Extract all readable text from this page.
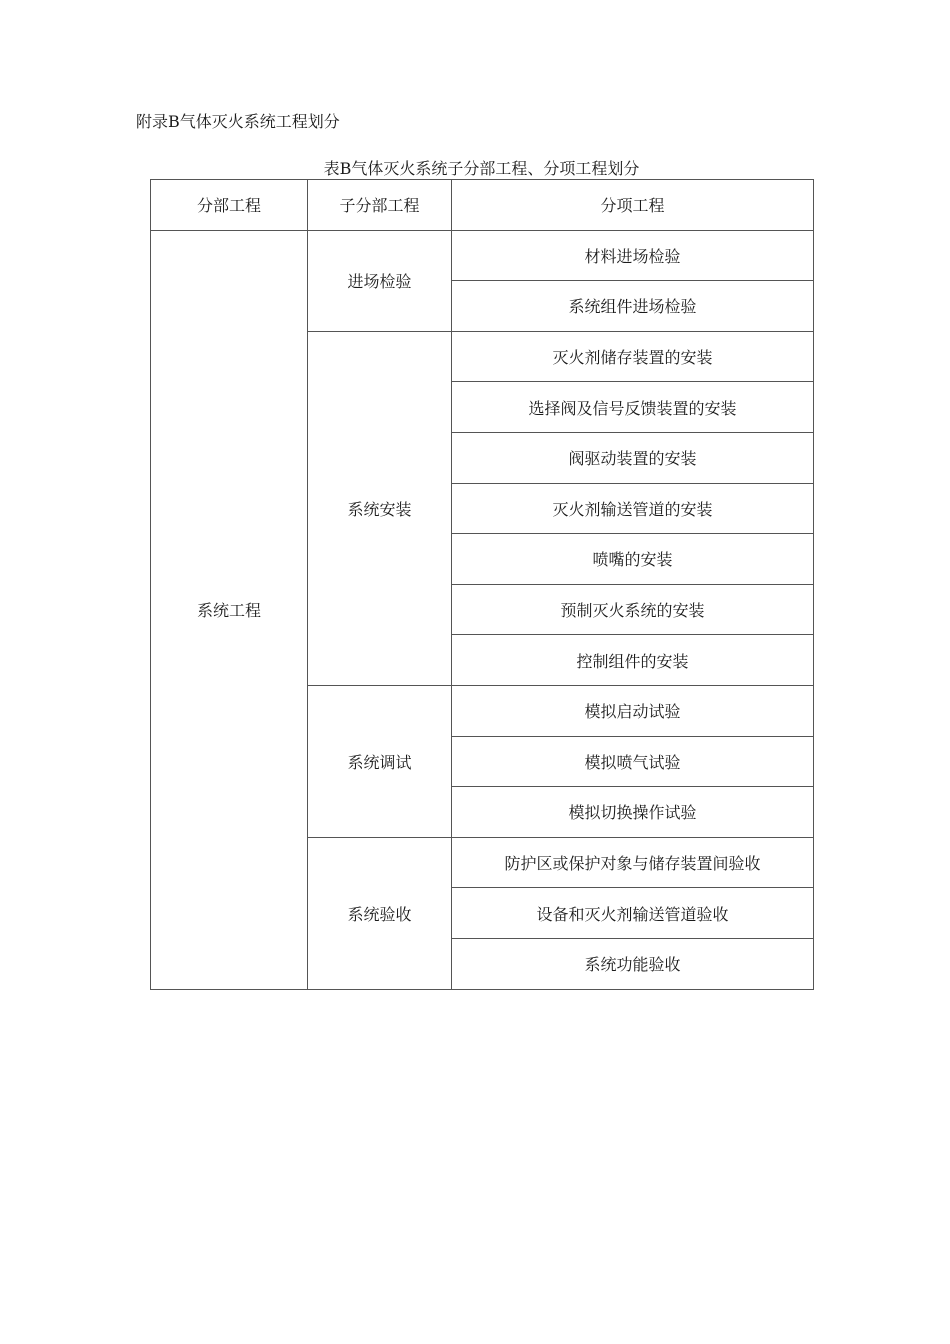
附录B气体灭火系统工程划分
表B气体灭火系统子分部工程、分项工程划分
分部工程	子分部工程	分项工程
系统工程	进场检验	材料进场检验
		系统组件进场检验
	系统安装	灭火剂储存装置的安装
		选择阀及信号反馈装置的安装
		阀驱动装置的安装
		灭火剂输送管道的安装
		喷嘴的安装
		预制灭火系统的安装
		控制组件的安装
	系统调试	模拟启动试验
		模拟喷气试验
		模拟切换操作试验
	系统验收	防护区或保护对象与储存装置间验收
		设备和灭火剂输送管道验收
		系统功能验收
